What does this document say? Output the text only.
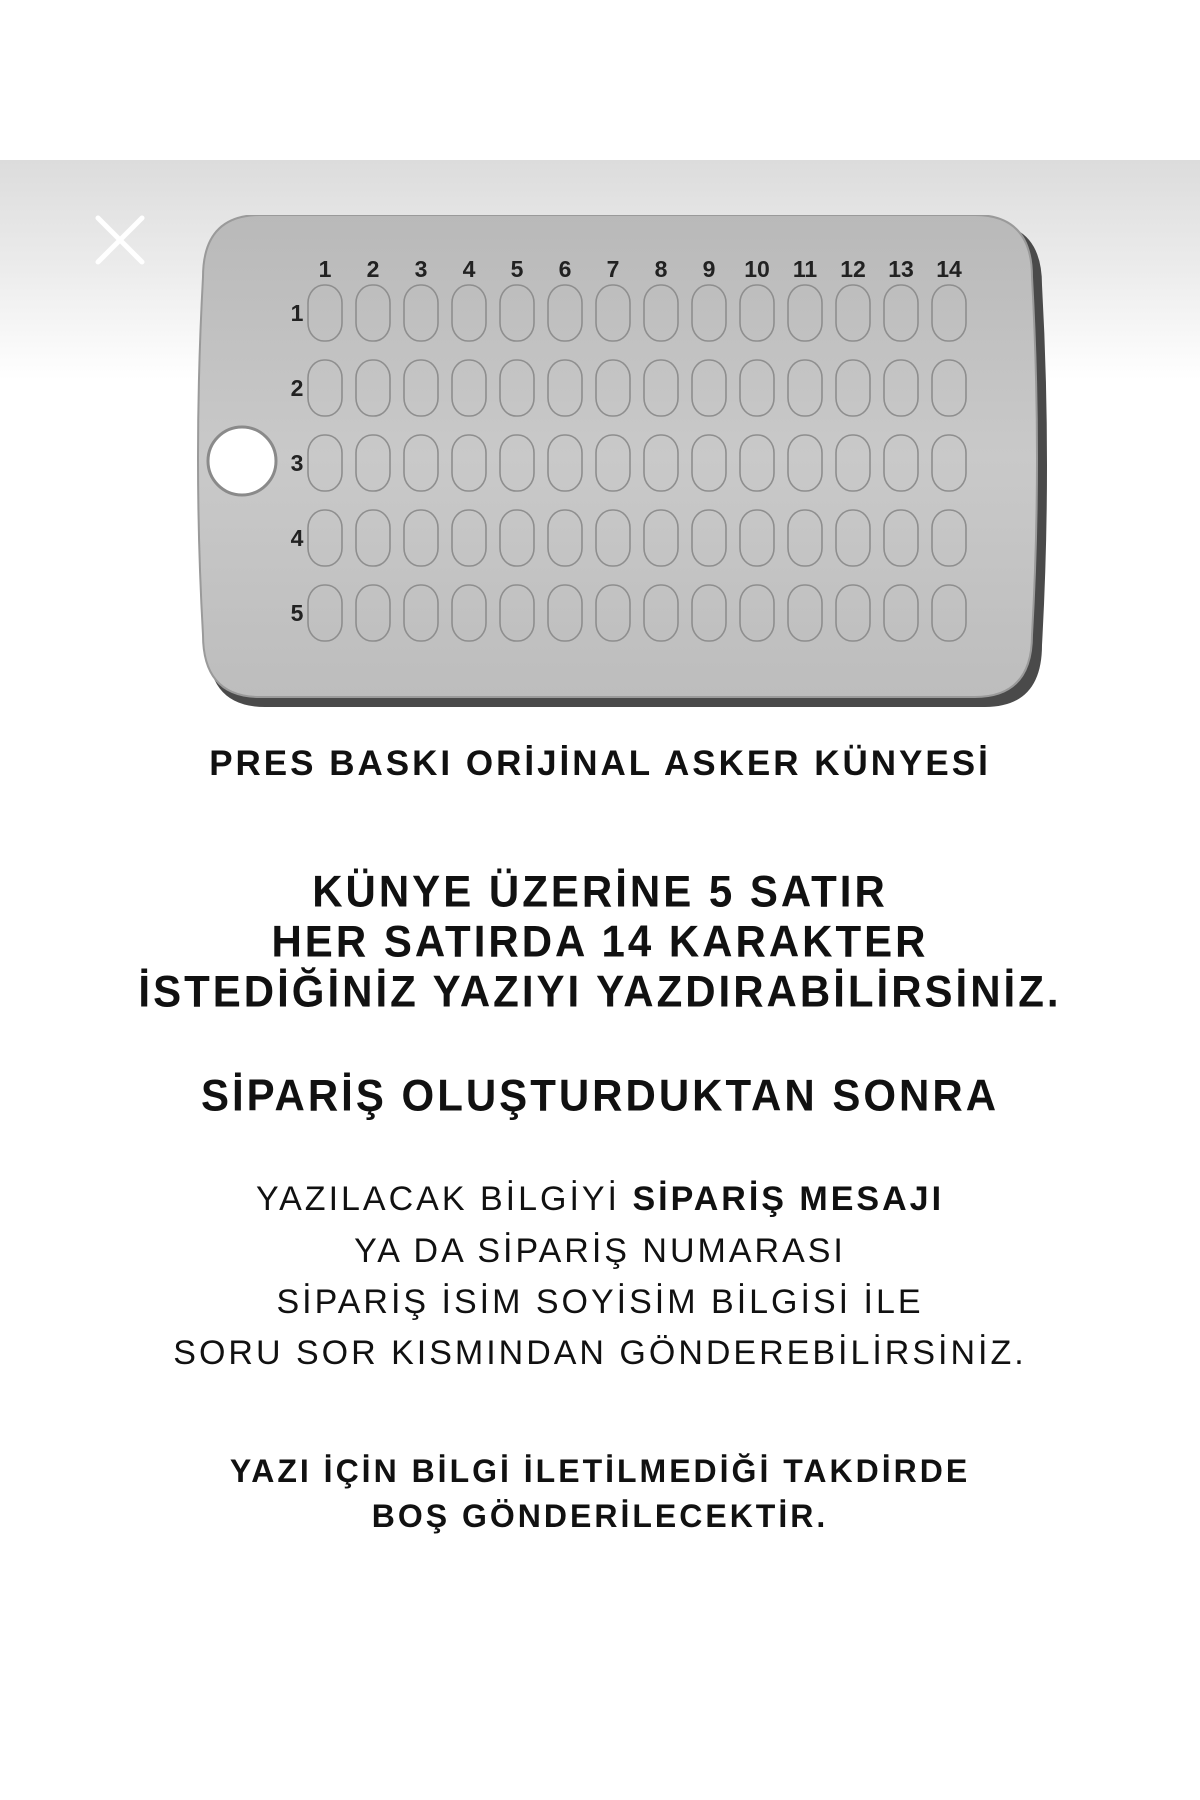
1 2 3 4 5 6 7 8 9 10 11 12 13 14
1
2
3
4
5
PRES BASKI ORİJİNAL ASKER KÜNYESİ
KÜNYE ÜZERİNE 5 SATIR
HER SATIRDA 14 KARAKTER
İSTEDİĞİNİZ YAZIYI YAZDIRABİLİRSİNİZ.
SİPARİŞ OLUŞTURDUKTAN SONRA
YAZILACAK BİLGİYİ SİPARİŞ MESAJI
YA DA SİPARİŞ NUMARASI
SİPARİŞ İSİM SOYİSİM BİLGİSİ İLE
SORU SOR KISMINDAN GÖNDEREBİLİRSİNİZ.
YAZI İÇİN BİLGİ İLETİLMEDİĞİ TAKDİRDE
BOŞ GÖNDERİLECEKTİR.
